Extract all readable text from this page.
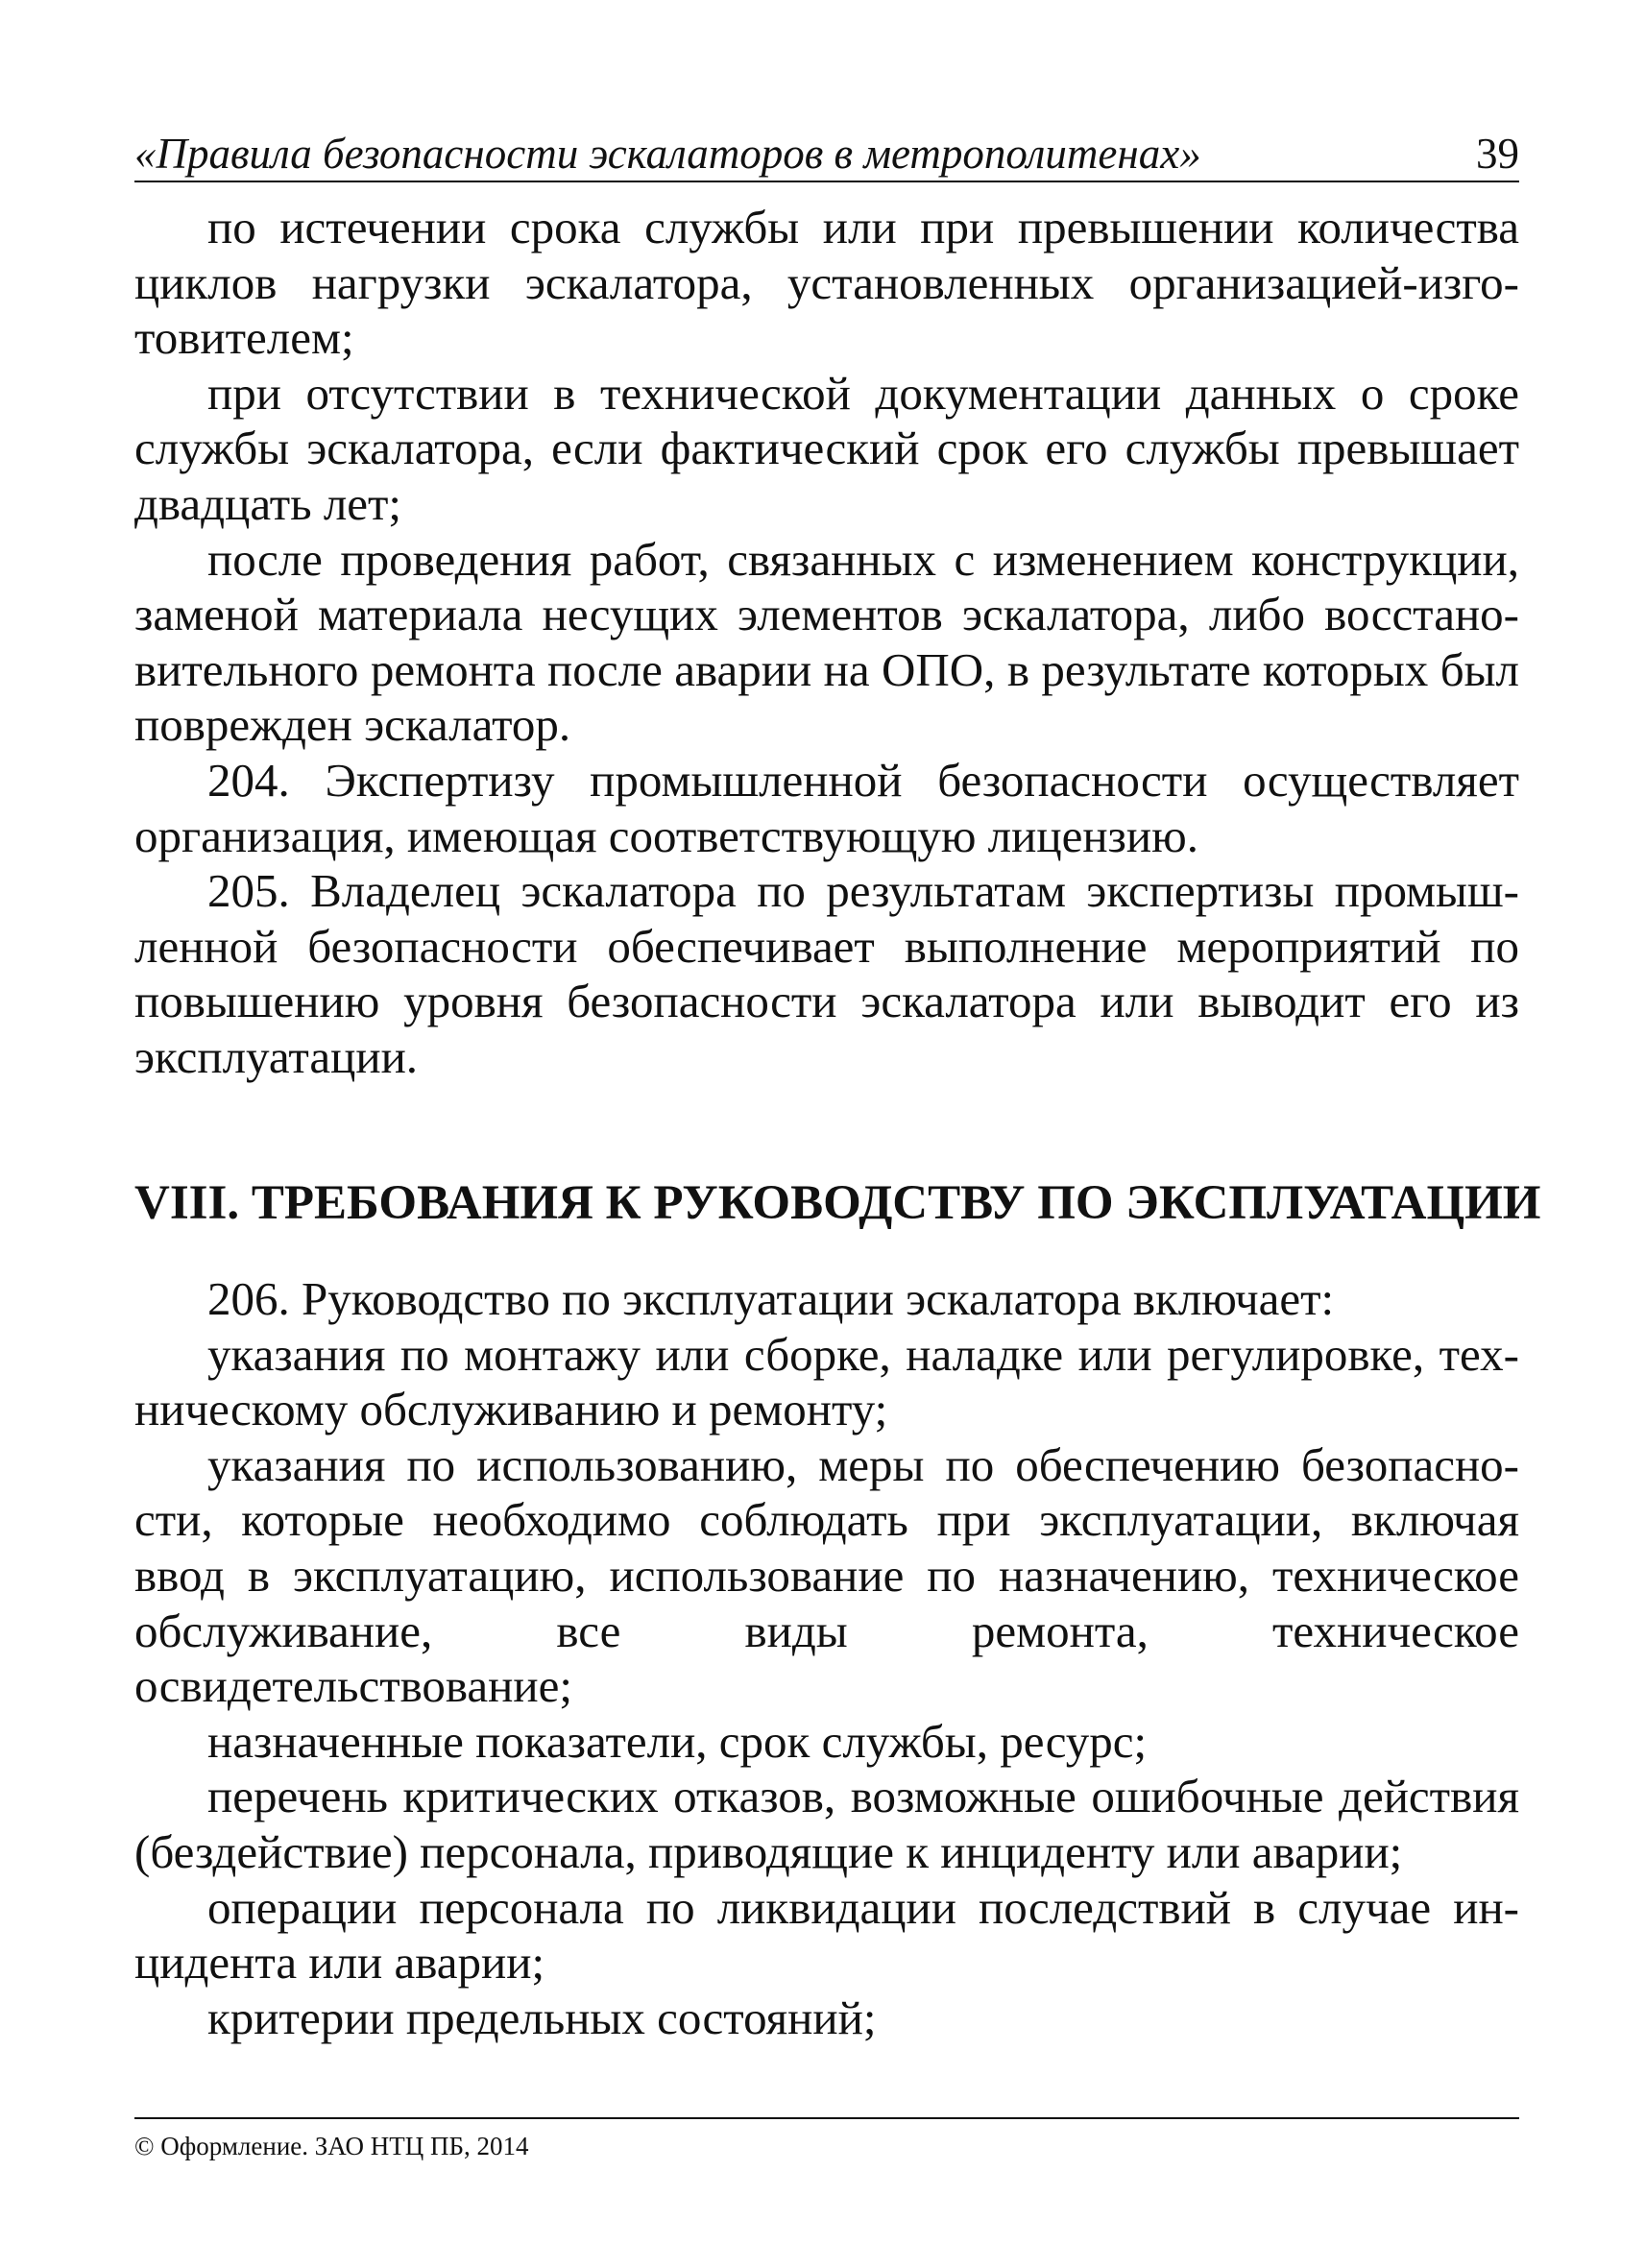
«Правила безопасности эскалаторов в метрополитенах»	39

по истечении срока службы или при превышении количества циклов нагрузки эскалатора, установленных организацией-изготовителем;

при отсутствии в технической документации данных о сроке службы эскалатора, если фактический срок его службы превышает двадцать лет;

после проведения работ, связанных с изменением конструкции, заменой материала несущих элементов эскалатора, либо восстановительного ремонта после аварии на ОПО, в результате которых был поврежден эскалатор.

204. Экспертизу промышленной безопасности осуществляет организация, имеющая соответствующую лицензию.

205. Владелец эскалатора по результатам экспертизы промышленной безопасности обеспечивает выполнение мероприятий по повышению уровня безопасности эскалатора или выводит его из эксплуатации.

VIII. ТРЕБОВАНИЯ К РУКОВОДСТВУ ПО ЭКСПЛУАТАЦИИ

206. Руководство по эксплуатации эскалатора включает:

указания по монтажу или сборке, наладке или регулировке, техническому обслуживанию и ремонту;

указания по использованию, меры по обеспечению безопасности, которые необходимо соблюдать при эксплуатации, включая ввод в эксплуатацию, использование по назначению, техническое обслуживание, все виды ремонта, техническое освидетельствование;

назначенные показатели, срок службы, ресурс;

перечень критических отказов, возможные ошибочные действия (бездействие) персонала, приводящие к инциденту или аварии;

операции персонала по ликвидации последствий в случае инцидента или аварии;

критерии предельных состояний;

© Оформление. ЗАО НТЦ ПБ, 2014
